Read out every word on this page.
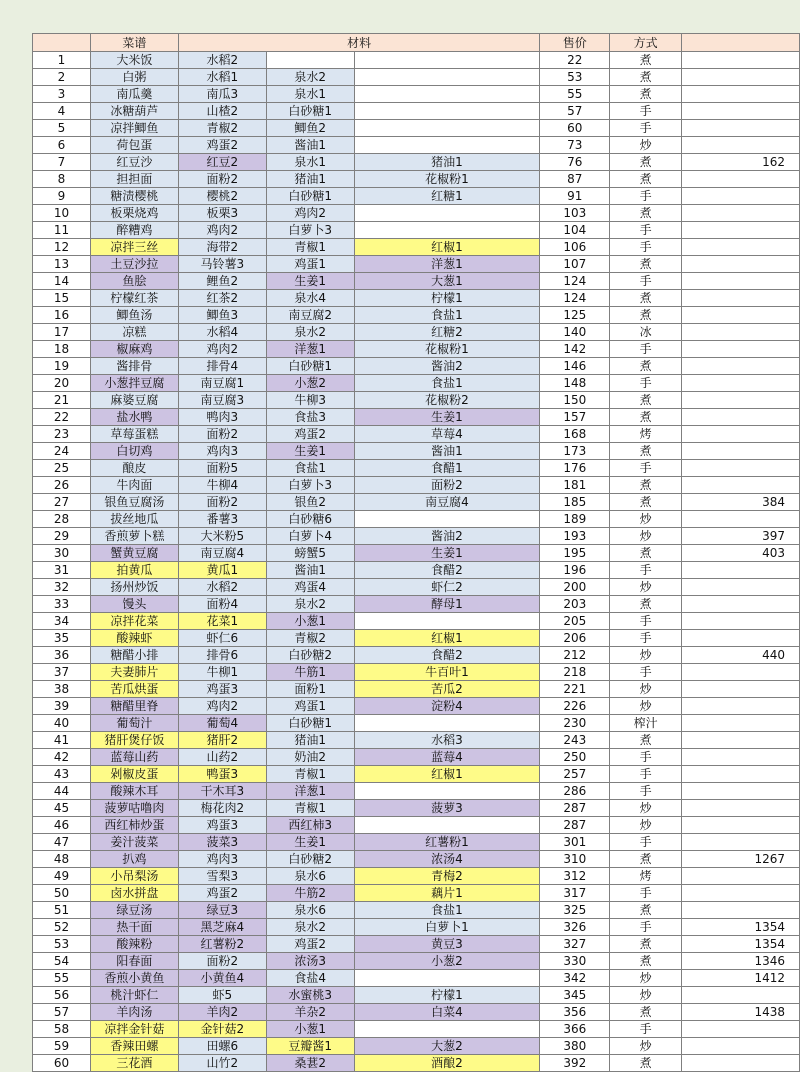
	菜谱	材料			售价	方式	
1	大米饭	水稻2			22	煮	
2	白粥	水稻1	泉水2		53	煮	
3	南瓜羹	南瓜3	泉水1		55	煮	
4	冰糖葫芦	山楂2	白砂糖1		57	手	
5	凉拌鲫鱼	青椒2	鲫鱼2		60	手	
6	荷包蛋	鸡蛋2	酱油1		73	炒	
7	红豆沙	红豆2	泉水1	猪油1	76	煮	162
8	担担面	面粉2	猪油1	花椒粉1	87	煮	
9	糖渍樱桃	樱桃2	白砂糖1	红糖1	91	手	
10	板栗烧鸡	板栗3	鸡肉2		103	煮	
11	醉糟鸡	鸡肉2	白萝卜3		104	手	
12	凉拌三丝	海带2	青椒1	红椒1	106	手	
13	土豆沙拉	马铃薯3	鸡蛋1	洋葱1	107	煮	
14	鱼脍	鲤鱼2	生姜1	大葱1	124	手	
15	柠檬红茶	红茶2	泉水4	柠檬1	124	煮	
16	鲫鱼汤	鲫鱼3	南豆腐2	食盐1	125	煮	
17	凉糕	水稻4	泉水2	红糖2	140	冰	
18	椒麻鸡	鸡肉2	洋葱1	花椒粉1	142	手	
19	酱排骨	排骨4	白砂糖1	酱油2	146	煮	
20	小葱拌豆腐	南豆腐1	小葱2	食盐1	148	手	
21	麻婆豆腐	南豆腐3	牛柳3	花椒粉2	150	煮	
22	盐水鸭	鸭肉3	食盐3	生姜1	157	煮	
23	草莓蛋糕	面粉2	鸡蛋2	草莓4	168	烤	
24	白切鸡	鸡肉3	生姜1	酱油1	173	煮	
25	酿皮	面粉5	食盐1	食醋1	176	手	
26	牛肉面	牛柳4	白萝卜3	面粉2	181	煮	
27	银鱼豆腐汤	面粉2	银鱼2	南豆腐4	185	煮	384
28	拔丝地瓜	番薯3	白砂糖6		189	炒	
29	香煎萝卜糕	大米粉5	白萝卜4	酱油2	193	炒	397
30	蟹黄豆腐	南豆腐4	螃蟹5	生姜1	195	煮	403
31	拍黄瓜	黄瓜1	酱油1	食醋2	196	手	
32	扬州炒饭	水稻2	鸡蛋4	虾仁2	200	炒	
33	馒头	面粉4	泉水2	酵母1	203	煮	
34	凉拌花菜	花菜1	小葱1		205	手	
35	酸辣虾	虾仁6	青椒2	红椒1	206	手	
36	糖醋小排	排骨6	白砂糖2	食醋2	212	炒	440
37	夫妻肺片	牛柳1	牛筋1	牛百叶1	218	手	
38	苦瓜烘蛋	鸡蛋3	面粉1	苦瓜2	221	炒	
39	糖醋里脊	鸡肉2	鸡蛋1	淀粉4	226	炒	
40	葡萄汁	葡萄4	白砂糖1		230	榨汁	
41	猪肝煲仔饭	猪肝2	猪油1	水稻3	243	煮	
42	蓝莓山药	山药2	奶油2	蓝莓4	250	手	
43	剁椒皮蛋	鸭蛋3	青椒1	红椒1	257	手	
44	酸辣木耳	干木耳3	洋葱1		286	手	
45	菠萝咕噜肉	梅花肉2	青椒1	菠萝3	287	炒	
46	西红柿炒蛋	鸡蛋3	西红柿3		287	炒	
47	姜汁菠菜	菠菜3	生姜1	红薯粉1	301	手	
48	扒鸡	鸡肉3	白砂糖2	浓汤4	310	煮	1267
49	小吊梨汤	雪梨3	泉水6	青梅2	312	烤	
50	卤水拼盘	鸡蛋2	牛筋2	藕片1	317	手	
51	绿豆汤	绿豆3	泉水6	食盐1	325	煮	
52	热干面	黑芝麻4	泉水2	白萝卜1	326	手	1354
53	酸辣粉	红薯粉2	鸡蛋2	黄豆3	327	煮	1354
54	阳春面	面粉2	浓汤3	小葱2	330	煮	1346
55	香煎小黄鱼	小黄鱼4	食盐4		342	炒	1412
56	桃汁虾仁	虾5	水蜜桃3	柠檬1	345	炒	
57	羊肉汤	羊肉2	羊杂2	白菜4	356	煮	1438
58	凉拌金针菇	金针菇2	小葱1		366	手	
59	香辣田螺	田螺6	豆瓣酱1	大葱2	380	炒	
60	三花酒	山竹2	桑葚2	酒酿2	392	煮	
